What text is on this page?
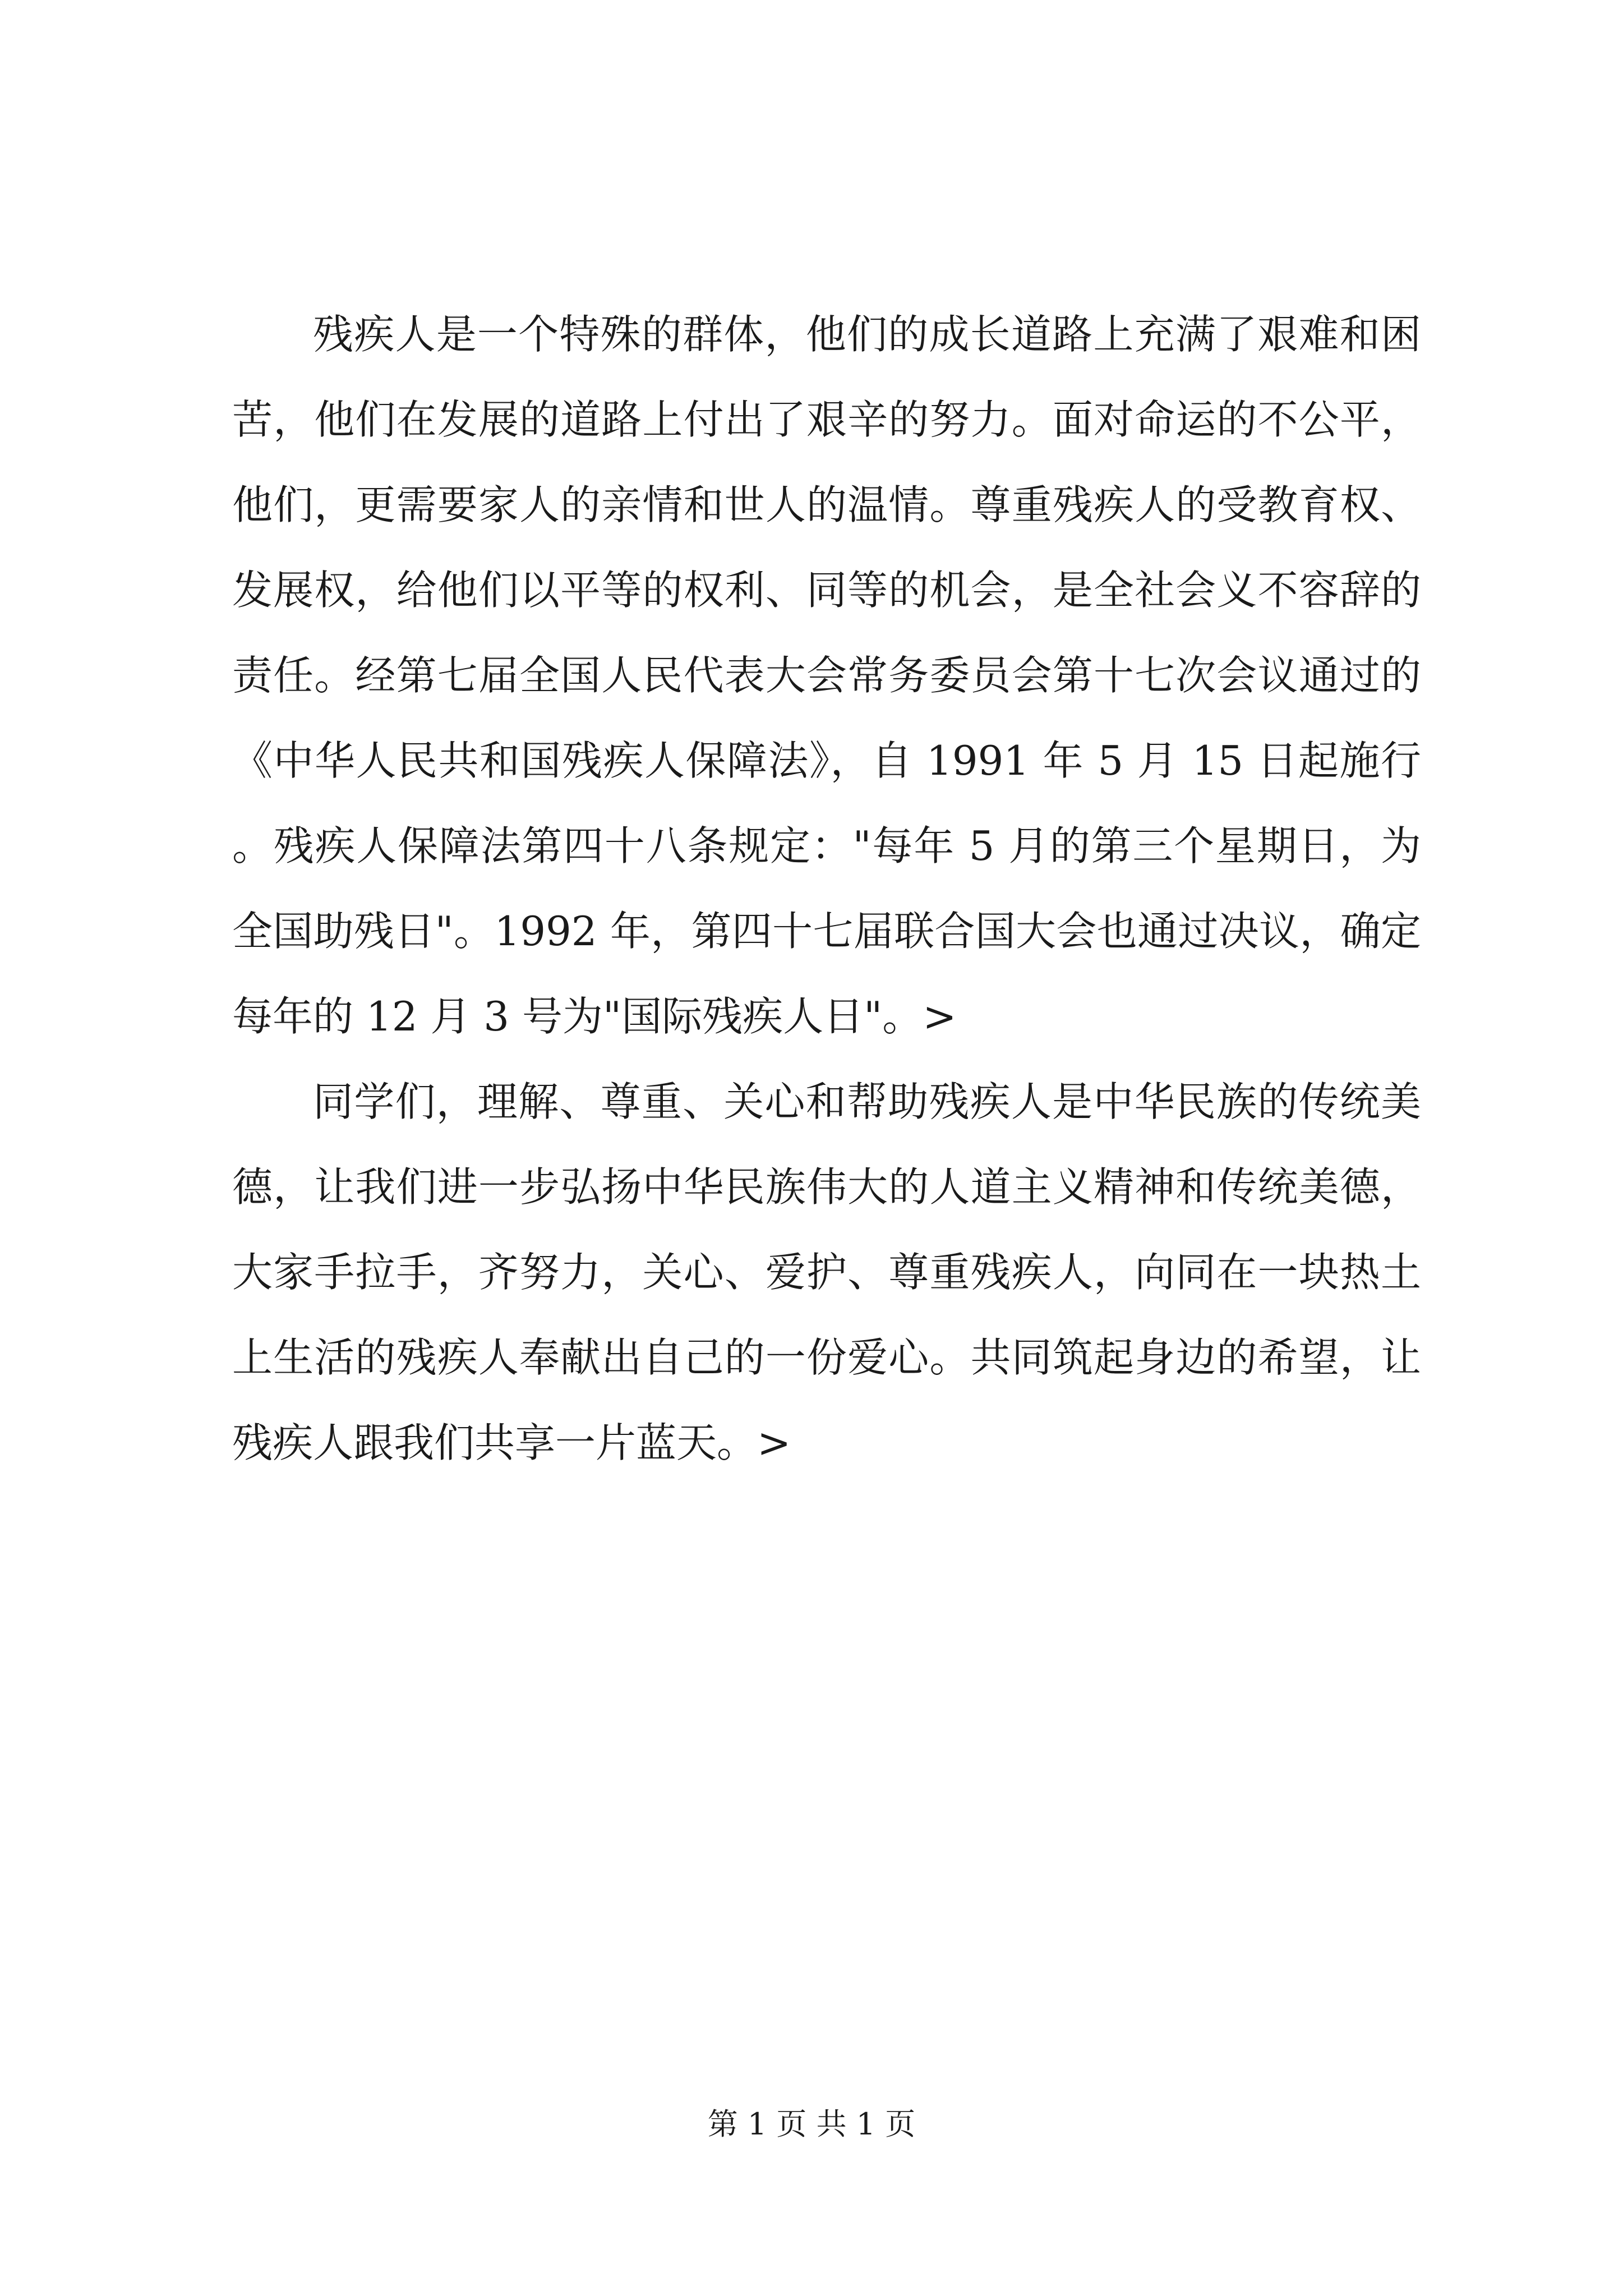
残疾人是一个特殊的群体，他们的成长道路上充满了艰难和困苦，他们在发展的道路上付出了艰辛的努力。面对命运的不公平，他们，更需要家人的亲情和世人的温情。尊重残疾人的受教育权、发展权，给他们以平等的权利、同等的机会，是全社会义不容辞的责任。经第七届全国人民代表大会常务委员会第十七次会议通过的《中华人民共和国残疾人保障法》，自 1991 年 5 月 15 日起施行。残疾人保障法第四十八条规定："每年 5 月的第三个星期日，为全国助残日"。1992 年，第四十七届联合国大会也通过决议，确定每年的 12 月 3 号为"国际残疾人日"。>

同学们，理解、尊重、关心和帮助残疾人是中华民族的传统美德，让我们进一步弘扬中华民族伟大的人道主义精神和传统美德，大家手拉手，齐努力，关心、爱护、尊重残疾人，向同在一块热土上生活的残疾人奉献出自己的一份爱心。共同筑起身边的希望，让残疾人跟我们共享一片蓝天。>

第 1 页 共 1 页
